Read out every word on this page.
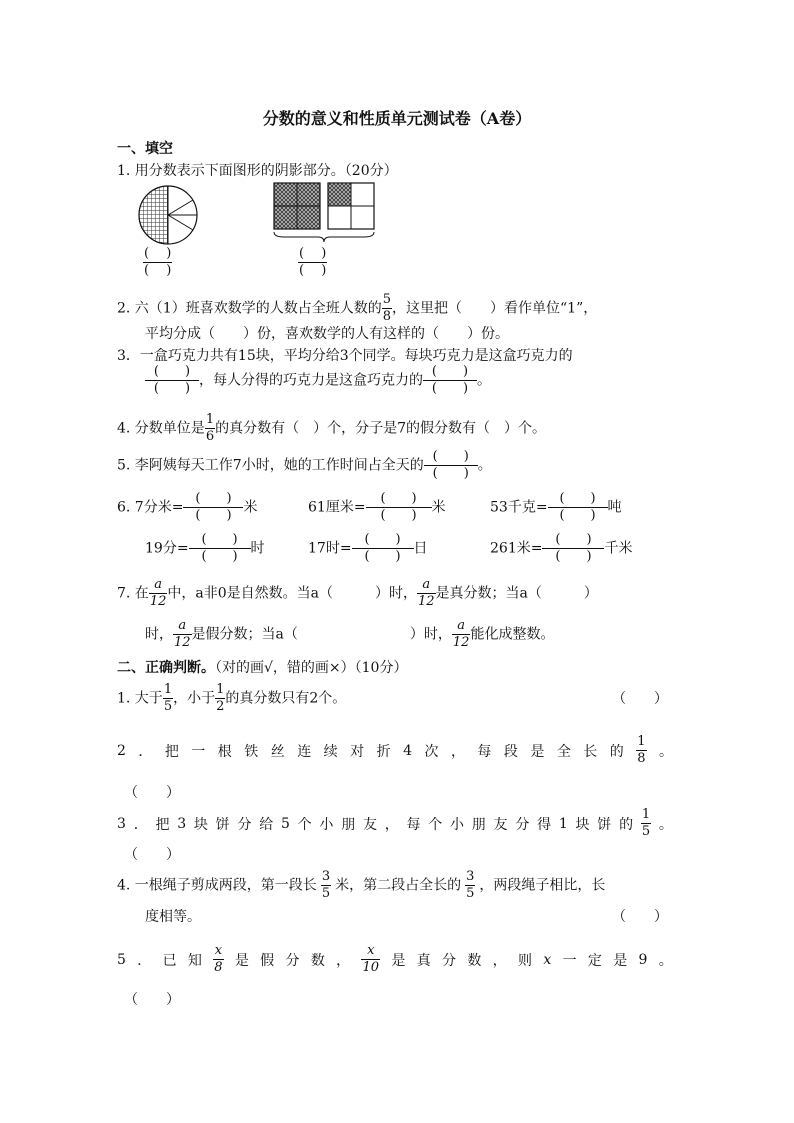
分数的意义和性质单元测试卷（A卷）
一、填空
1. 用分数表示下面图形的阴影部分。（20分）
(　 )
(　 )
(　 )
(　 )
2. 六（1）班喜欢数学的人数占全班人数的 $\frac{5}{8}$ ，这里把（　　）看作单位“1”，
平均分成（　　）份，喜欢数学的人有这样的（　　）份。
3．一盒巧克力共有15块，平均分给3个同学。每块巧克力是这盒巧克力的
(　　)
(　　) ，每人分得的巧克力是这盒巧克力的
(　　)
(　　) 。
4. 分数单位是 $\frac{1}{6}$ 的真分数有（　）个，分子是7的假分数有（　）个。
5. 李阿姨每天工作7小时，她的工作时间占全天的
(　　)
(　　) 。
6. 7分米=
(　　)
(　　) 米	61厘米=
(　　)
(　　)	米	53千克=
(　　)
(　　) 吨
19分=
(　　)
(　　) 时	17时=
(　　)
(　　) 日	261米=
(　　)
(　　) 千米
7. 在 $\frac{a}{12}$ 中，a非0是自然数。当a（　　　）时， $\frac{a}{12}$ 是真分数；当a（　　　）
时， $\frac{a}{12}$ 是假分数；当a（　　　　　　　　）时， $\frac{a}{12}$ 能化成整数。
二、正确判断。（对的画√，错的画×）（10分）
1. 大于 $\frac{1}{5}$ ，小于 $\frac{1}{2}$ 的真分数只有2个。	（　　）
2 ． 把 一 根 铁 丝 连 续 对 折 4 次 ， 每 段 是 全 长 的 $\frac{1}{8}$ 。
（　　）
3 ． 把 3 块 饼 分 给 5 个 小 朋 友 ， 每 个 小 朋 友 分 得 1 块 饼 的 $\frac{1}{5}$ 。
（　　）
4. 一根绳子剪成两段，第一段长 $\frac{3}{5}$ 米，第二段占全长的 $\frac{3}{5}$ ，两段绳子相比，长
度相等。	（　　）
5 ． 已 知 $\frac{x}{8}$ 是 假 分 数 ， $\frac{x}{10}$ 是 真 分 数 ， 则 x 一 定 是 9 。
（　　）
